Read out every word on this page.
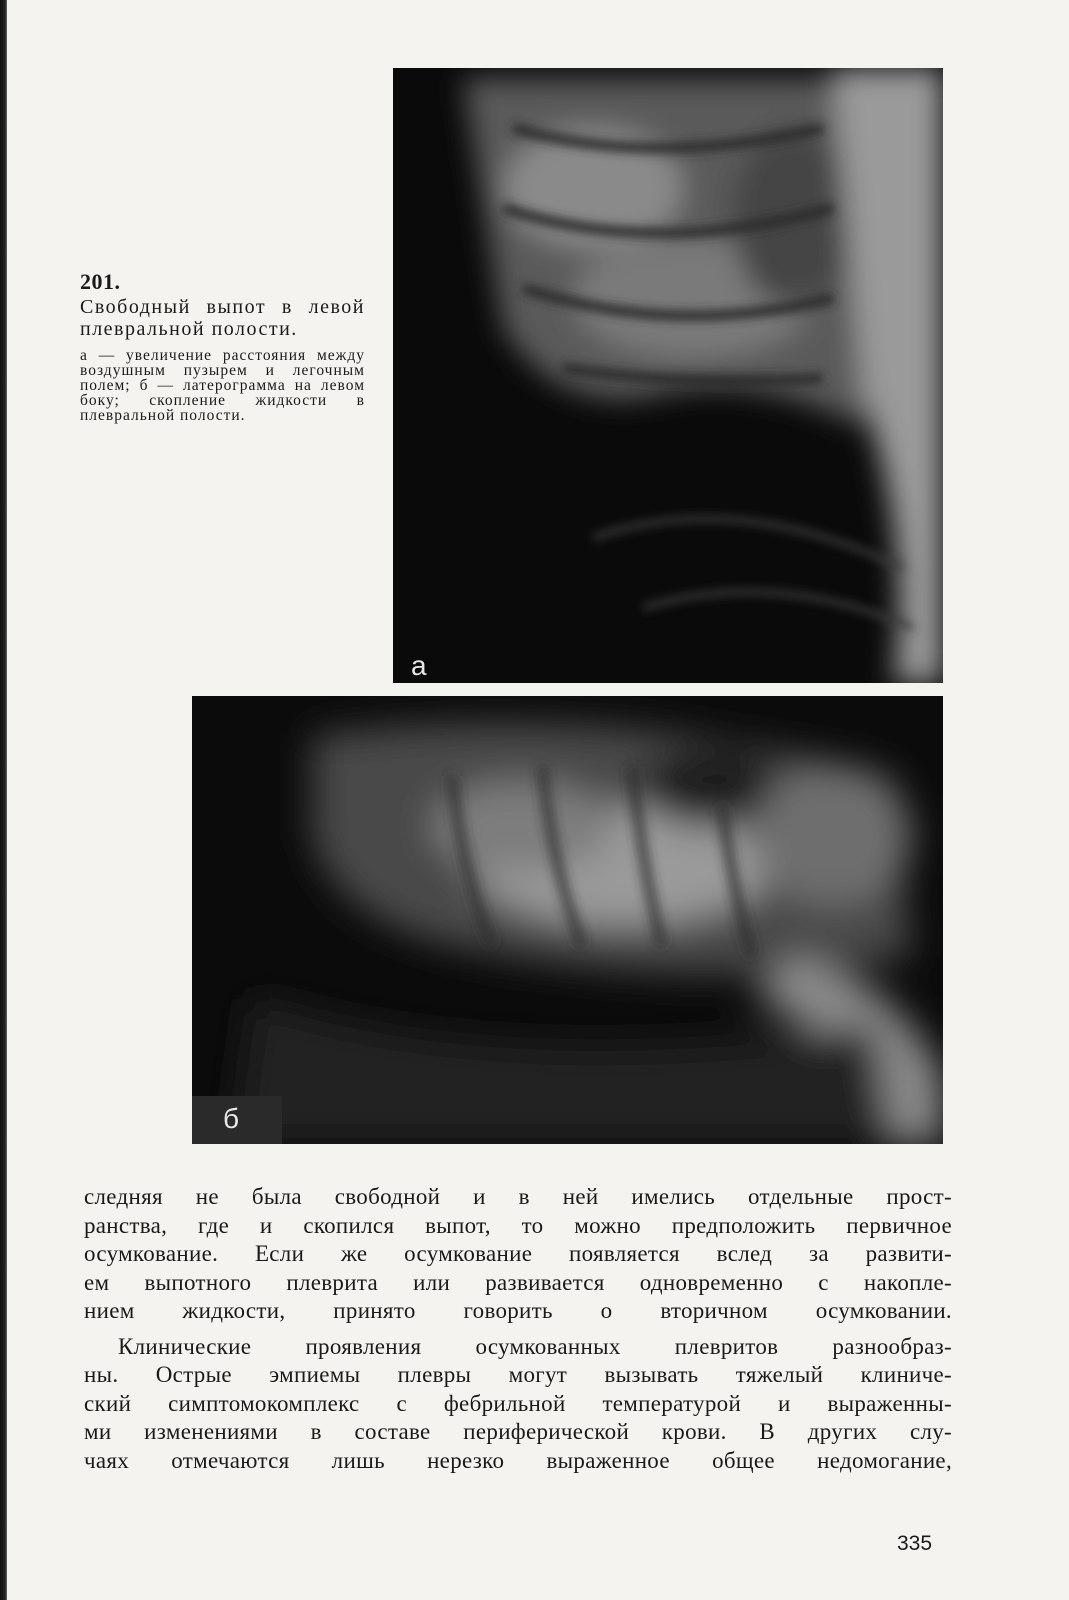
201.
Свободный выпот в левой плевральной полости.
а — увеличение расстояния между воздушным пузырем и легочным полем; б — латерограмма на левом боку; скопление жидкости в плевральной полости.
а
б
следняя не была свободной и в ней имелись отдельные прост-
ранства, где и скопился выпот, то можно предположить первичное
осумкование. Если же осумкование появляется вслед за развити-
ем выпотного плеврита или развивается одновременно с накопле-
нием жидкости, принято говорить о вторичном осумковании.
Клинические проявления осумкованных плевритов разнообраз-
ны. Острые эмпиемы плевры могут вызывать тяжелый клиниче-
ский симптомокомплекс с фебрильной температурой и выраженны-
ми изменениями в составе периферической крови. В других слу-
чаях отмечаются лишь нерезко выраженное общее недомогание,
335
